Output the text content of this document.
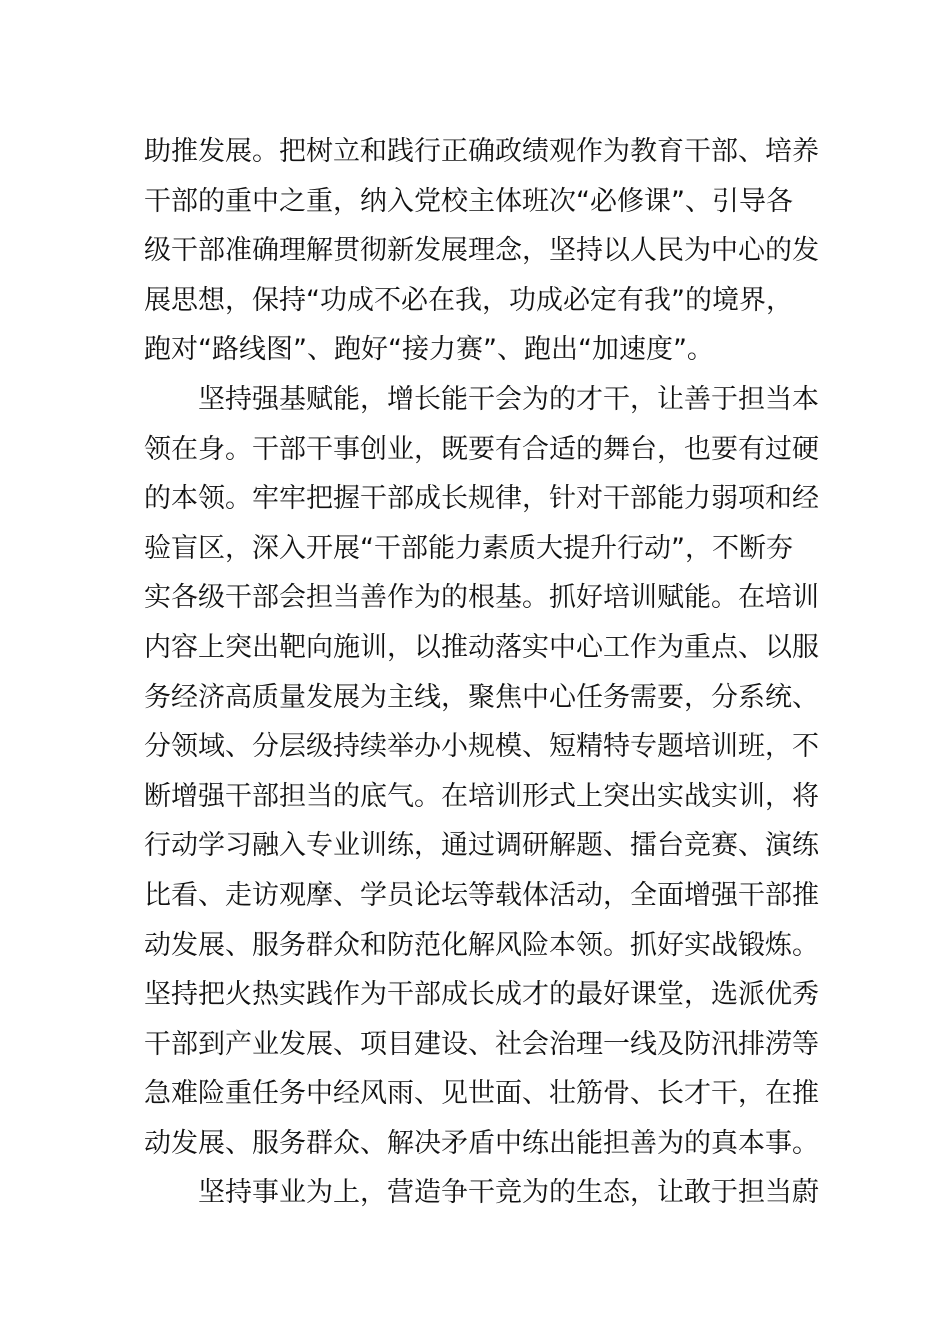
助推发展。把树立和践行正确政绩观作为教育干部、培养
干部的重中之重，纳入党校主体班次“必修课”、引导各
级干部准确理解贯彻新发展理念，坚持以人民为中心的发
展思想，保持“功成不必在我，功成必定有我”的境界，
跑对“路线图”、跑好“接力赛”、跑出“加速度”。
坚持强基赋能，增长能干会为的才干，让善于担当本
领在身。干部干事创业，既要有合适的舞台，也要有过硬
的本领。牢牢把握干部成长规律，针对干部能力弱项和经
验盲区，深入开展“干部能力素质大提升行动”，不断夯
实各级干部会担当善作为的根基。抓好培训赋能。在培训
内容上突出靶向施训，以推动落实中心工作为重点、以服
务经济高质量发展为主线，聚焦中心任务需要，分系统、
分领域、分层级持续举办小规模、短精特专题培训班，不
断增强干部担当的底气。在培训形式上突出实战实训，将
行动学习融入专业训练，通过调研解题、擂台竞赛、演练
比看、走访观摩、学员论坛等载体活动，全面增强干部推
动发展、服务群众和防范化解风险本领。抓好实战锻炼。
坚持把火热实践作为干部成长成才的最好课堂，选派优秀
干部到产业发展、项目建设、社会治理一线及防汛排涝等
急难险重任务中经风雨、见世面、壮筋骨、长才干，在推
动发展、服务群众、解决矛盾中练出能担善为的真本事。
坚持事业为上，营造争干竞为的生态，让敢于担当蔚
